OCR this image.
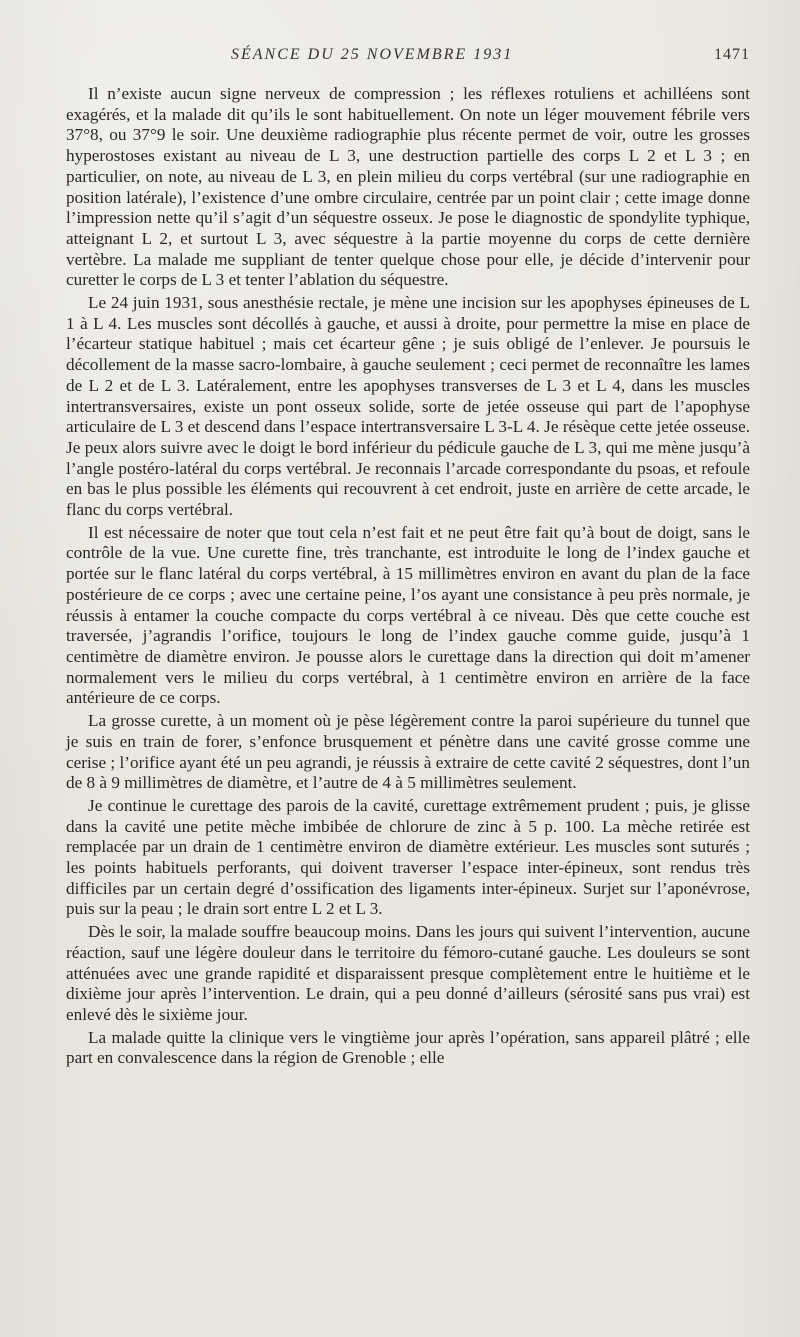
SÉANCE DU 25 NOVEMBRE 1931	1471

Il n’existe aucun signe nerveux de compression ; les réflexes rotuliens et achilléens sont exagérés, et la malade dit qu’ils le sont habituellement. On note un léger mouvement fébrile vers 37°8, ou 37°9 le soir. Une deuxième radiographie plus récente permet de voir, outre les grosses hyperostoses existant au niveau de L 3, une destruction partielle des corps L 2 et L 3 ; en particulier, on note, au niveau de L 3, en plein milieu du corps vertébral (sur une radiographie en position latérale), l’existence d’une ombre circulaire, centrée par un point clair ; cette image donne l’impression nette qu’il s’agit d’un séquestre osseux. Je pose le diagnostic de spondylite typhique, atteignant L 2, et surtout L 3, avec séquestre à la partie moyenne du corps de cette dernière vertèbre. La malade me suppliant de tenter quelque chose pour elle, je décide d’intervenir pour curetter le corps de L 3 et tenter l’ablation du séquestre.

Le 24 juin 1931, sous anesthésie rectale, je mène une incision sur les apophyses épineuses de L 1 à L 4. Les muscles sont décollés à gauche, et aussi à droite, pour permettre la mise en place de l’écarteur statique habituel ; mais cet écarteur gêne ; je suis obligé de l’enlever. Je poursuis le décollement de la masse sacro-lombaire, à gauche seulement ; ceci permet de reconnaître les lames de L 2 et de L 3. Latéralement, entre les apophyses transverses de L 3 et L 4, dans les muscles intertransversaires, existe un pont osseux solide, sorte de jetée osseuse qui part de l’apophyse articulaire de L 3 et descend dans l’espace intertransversaire L 3-L 4. Je résèque cette jetée osseuse. Je peux alors suivre avec le doigt le bord inférieur du pédicule gauche de L 3, qui me mène jusqu’à l’angle postéro-latéral du corps vertébral. Je reconnais l’arcade correspondante du psoas, et refoule en bas le plus possible les éléments qui recouvrent à cet endroit, juste en arrière de cette arcade, le flanc du corps vertébral.

Il est nécessaire de noter que tout cela n’est fait et ne peut être fait qu’à bout de doigt, sans le contrôle de la vue. Une curette fine, très tranchante, est introduite le long de l’index gauche et portée sur le flanc latéral du corps vertébral, à 15 millimètres environ en avant du plan de la face postérieure de ce corps ; avec une certaine peine, l’os ayant une consistance à peu près normale, je réussis à entamer la couche compacte du corps vertébral à ce niveau. Dès que cette couche est traversée, j’agrandis l’orifice, toujours le long de l’index gauche comme guide, jusqu’à 1 centimètre de diamètre environ. Je pousse alors le curettage dans la direction qui doit m’amener normalement vers le milieu du corps vertébral, à 1 centimètre environ en arrière de la face antérieure de ce corps.

La grosse curette, à un moment où je pèse légèrement contre la paroi supérieure du tunnel que je suis en train de forer, s’enfonce brusquement et pénètre dans une cavité grosse comme une cerise ; l’orifice ayant été un peu agrandi, je réussis à extraire de cette cavité 2 séquestres, dont l’un de 8 à 9 millimètres de diamètre, et l’autre de 4 à 5 millimètres seulement.

Je continue le curettage des parois de la cavité, curettage extrêmement prudent ; puis, je glisse dans la cavité une petite mèche imbibée de chlorure de zinc à 5 p. 100. La mèche retirée est remplacée par un drain de 1 centimètre environ de diamètre extérieur. Les muscles sont suturés ; les points habituels perforants, qui doivent traverser l’espace inter-épineux, sont rendus très difficiles par un certain degré d’ossification des ligaments inter-épineux. Surjet sur l’aponévrose, puis sur la peau ; le drain sort entre L 2 et L 3.

Dès le soir, la malade souffre beaucoup moins. Dans les jours qui suivent l’intervention, aucune réaction, sauf une légère douleur dans le territoire du fémoro-cutané gauche. Les douleurs se sont atténuées avec une grande rapidité et disparaissent presque complètement entre le huitième et le dixième jour après l’intervention. Le drain, qui a peu donné d’ailleurs (sérosité sans pus vrai) est enlevé dès le sixième jour.

La malade quitte la clinique vers le vingtième jour après l’opération, sans appareil plâtré ; elle part en convalescence dans la région de Grenoble ; elle
